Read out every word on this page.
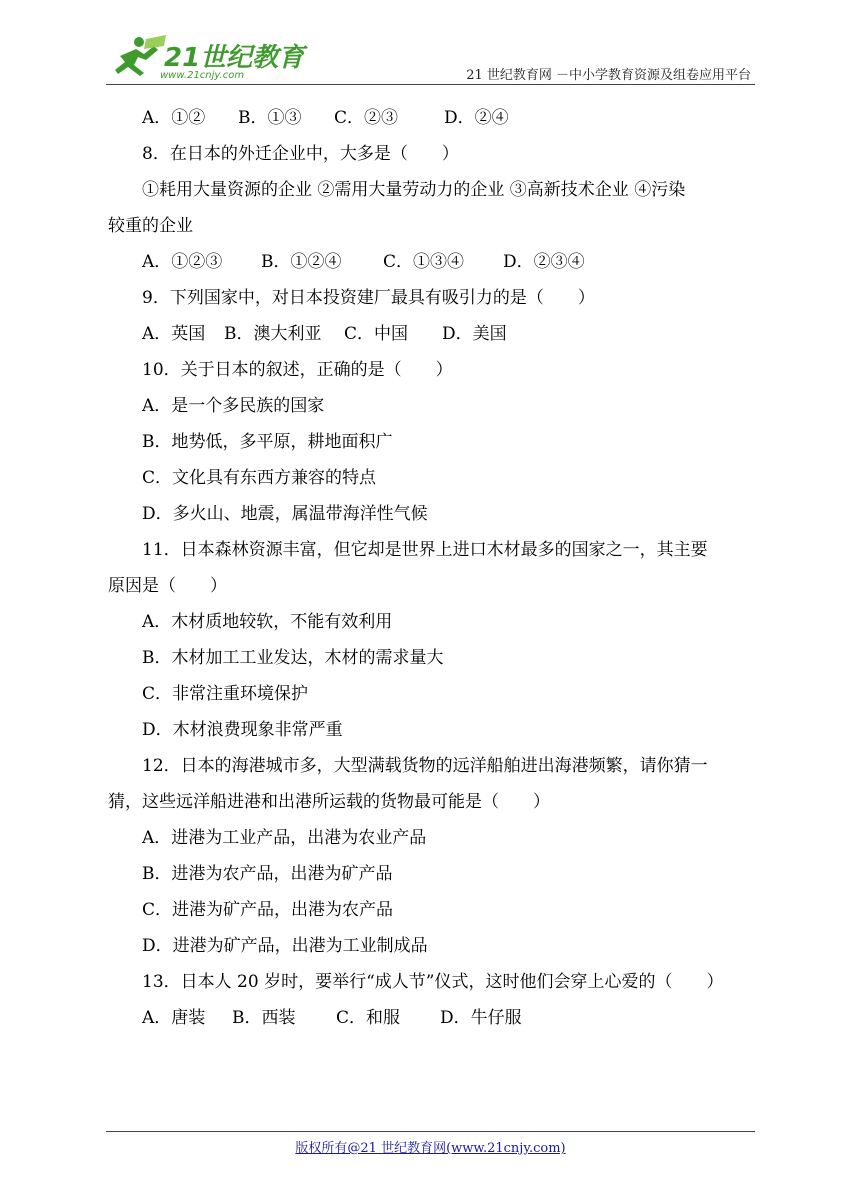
21世纪教育
www.21cnjy.com	21 世纪教育网 －中小学教育资源及组卷应用平台
A．①② B．①③ C．②③	D．②④
8．在日本的外迁企业中，大多是（　　）
①耗用大量资源的企业 ②需用大量劳动力的企业 ③高新技术企业 ④污染
较重的企业
A．①②③ B．①②④ C．①③④ D．②③④
9．下列国家中，对日本投资建厂最具有吸引力的是（　　）
A．英国 B．澳大利亚 C．中国 D．美国
10．关于日本的叙述，正确的是（　　）
A．是一个多民族的国家
B．地势低，多平原，耕地面积广
C．文化具有东西方兼容的特点
D．多火山、地震，属温带海洋性气候
11．日本森林资源丰富，但它却是世界上进口木材最多的国家之一，其主要
原因是（　　）
A．木材质地较软，不能有效利用
B．木材加工工业发达，木材的需求量大
C．非常注重环境保护
D．木材浪费现象非常严重
12．日本的海港城市多，大型满载货物的远洋船舶进出海港频繁，请你猜一
猜，这些远洋船进港和出港所运载的货物最可能是（　　）
A．进港为工业产品，出港为农业产品
B．进港为农产品，出港为矿产品
C．进港为矿产品，出港为农产品
D．进港为矿产品，出港为工业制成品
13．日本人 20 岁时，要举行“成人节”仪式，这时他们会穿上心爱的（　　）
A．唐装 B．西装 C．和服 D．牛仔服
版权所有@21 世纪教育网(www.21cnjy.com)
